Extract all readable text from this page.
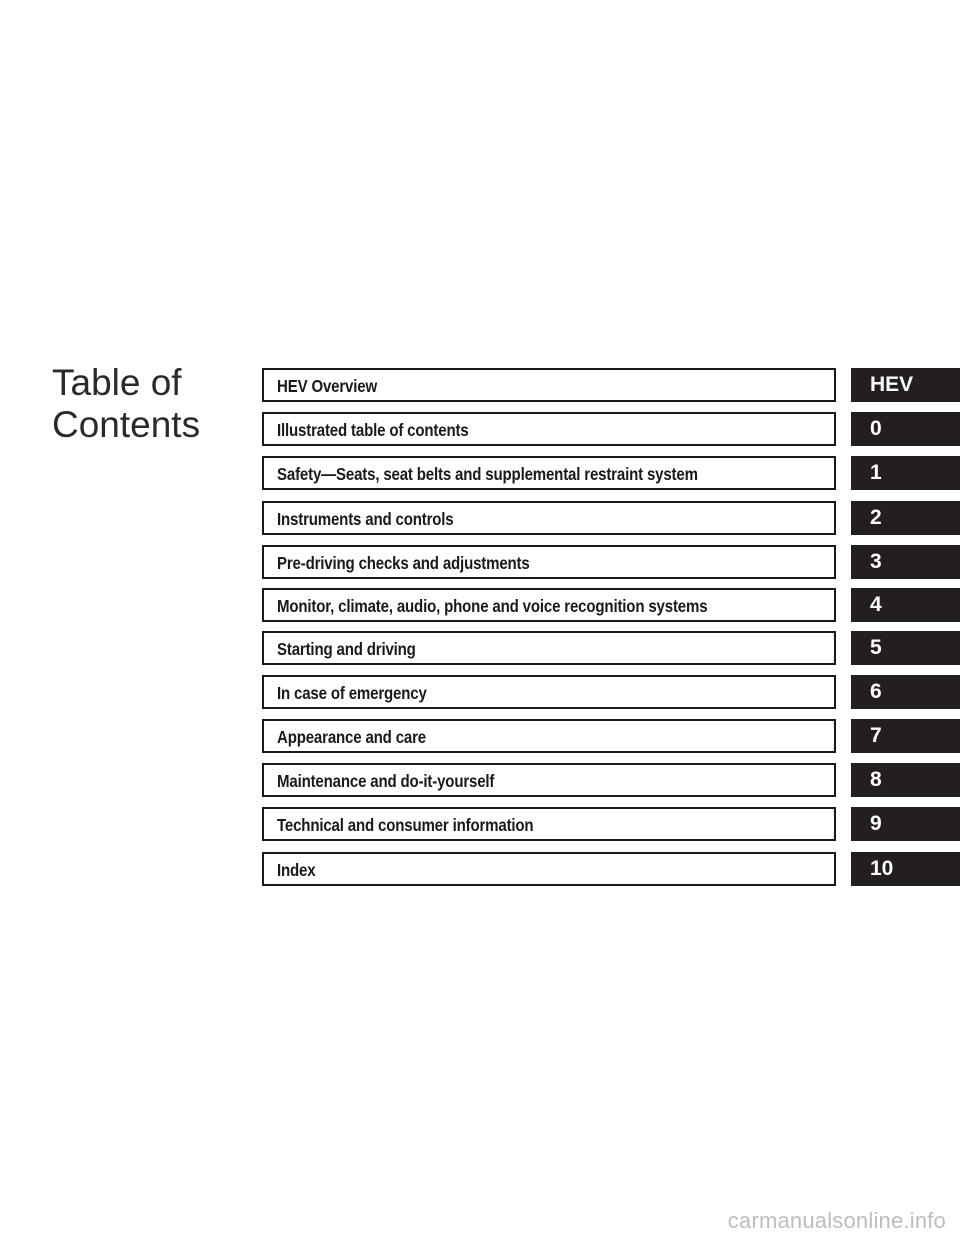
Table of
Contents
HEV Overview	HEV
Illustrated table of contents	0
Safety—Seats, seat belts and supplemental restraint system	1
Instruments and controls	2
Pre-driving checks and adjustments	3
Monitor, climate, audio, phone and voice recognition systems	4
Starting and driving	5
In case of emergency	6
Appearance and care	7
Maintenance and do-it-yourself	8
Technical and consumer information	9
Index	10
carmanualsonline.info
